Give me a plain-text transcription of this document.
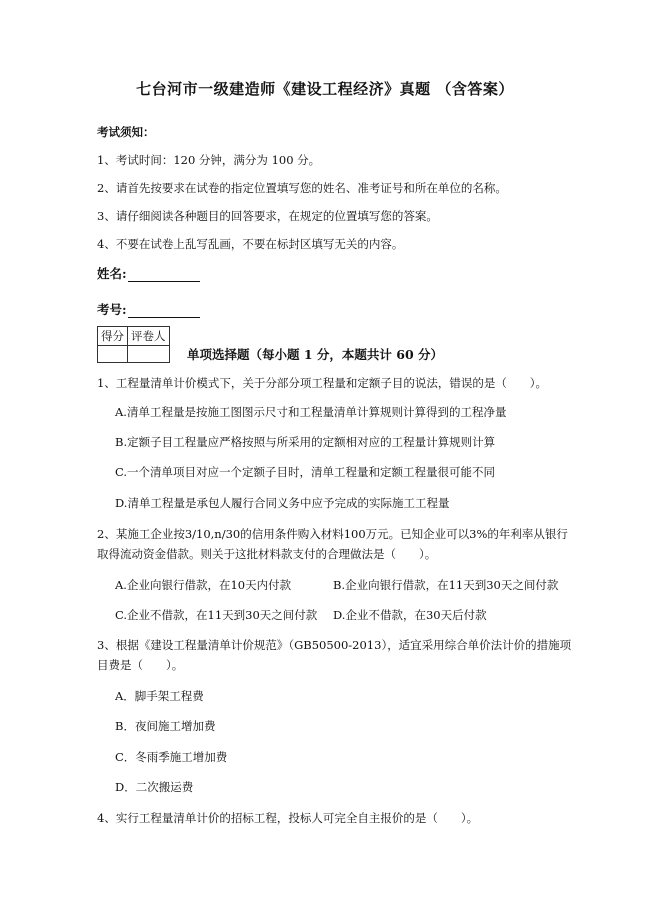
七台河市一级建造师《建设工程经济》真题 （含答案）
考试须知：
1、考试时间：120 分钟，满分为 100 分。
2、请首先按要求在试卷的指定位置填写您的姓名、准考证号和所在单位的名称。
3、请仔细阅读各种题目的回答要求，在规定的位置填写您的答案。
4、不要在试卷上乱写乱画，不要在标封区填写无关的内容。
姓名:
考号:
得分	评卷人

单项选择题（每小题 1 分，本题共计 60 分）
1、工程量清单计价模式下，关于分部分项工程量和定额子目的说法，错误的是（　　）。
A.清单工程量是按施工图图示尺寸和工程量清单计算规则计算得到的工程净量
B.定额子目工程量应严格按照与所采用的定额相对应的工程量计算规则计算
C.一个清单项目对应一个定额子目时，清单工程量和定额工程量很可能不同
D.清单工程量是承包人履行合同义务中应予完成的实际施工工程量
2、某施工企业按3/10,n/30的信用条件购入材料100万元。已知企业可以3%的年利率从银行
取得流动资金借款。则关于这批材料款支付的合理做法是（　　）。
A.企业向银行借款，在10天内付款	B.企业向银行借款，在11天到30天之间付款
C.企业不借款，在11天到30天之间付款 D.企业不借款，在30天后付款
3、根据《建设工程量清单计价规范》（GB50500-2013），适宜采用综合单价法计价的措施项
目费是（　　）。
A．脚手架工程费
B．夜间施工增加费
C．冬雨季施工增加费
D．二次搬运费
4、实行工程量清单计价的招标工程，投标人可完全自主报价的是（　　）。
